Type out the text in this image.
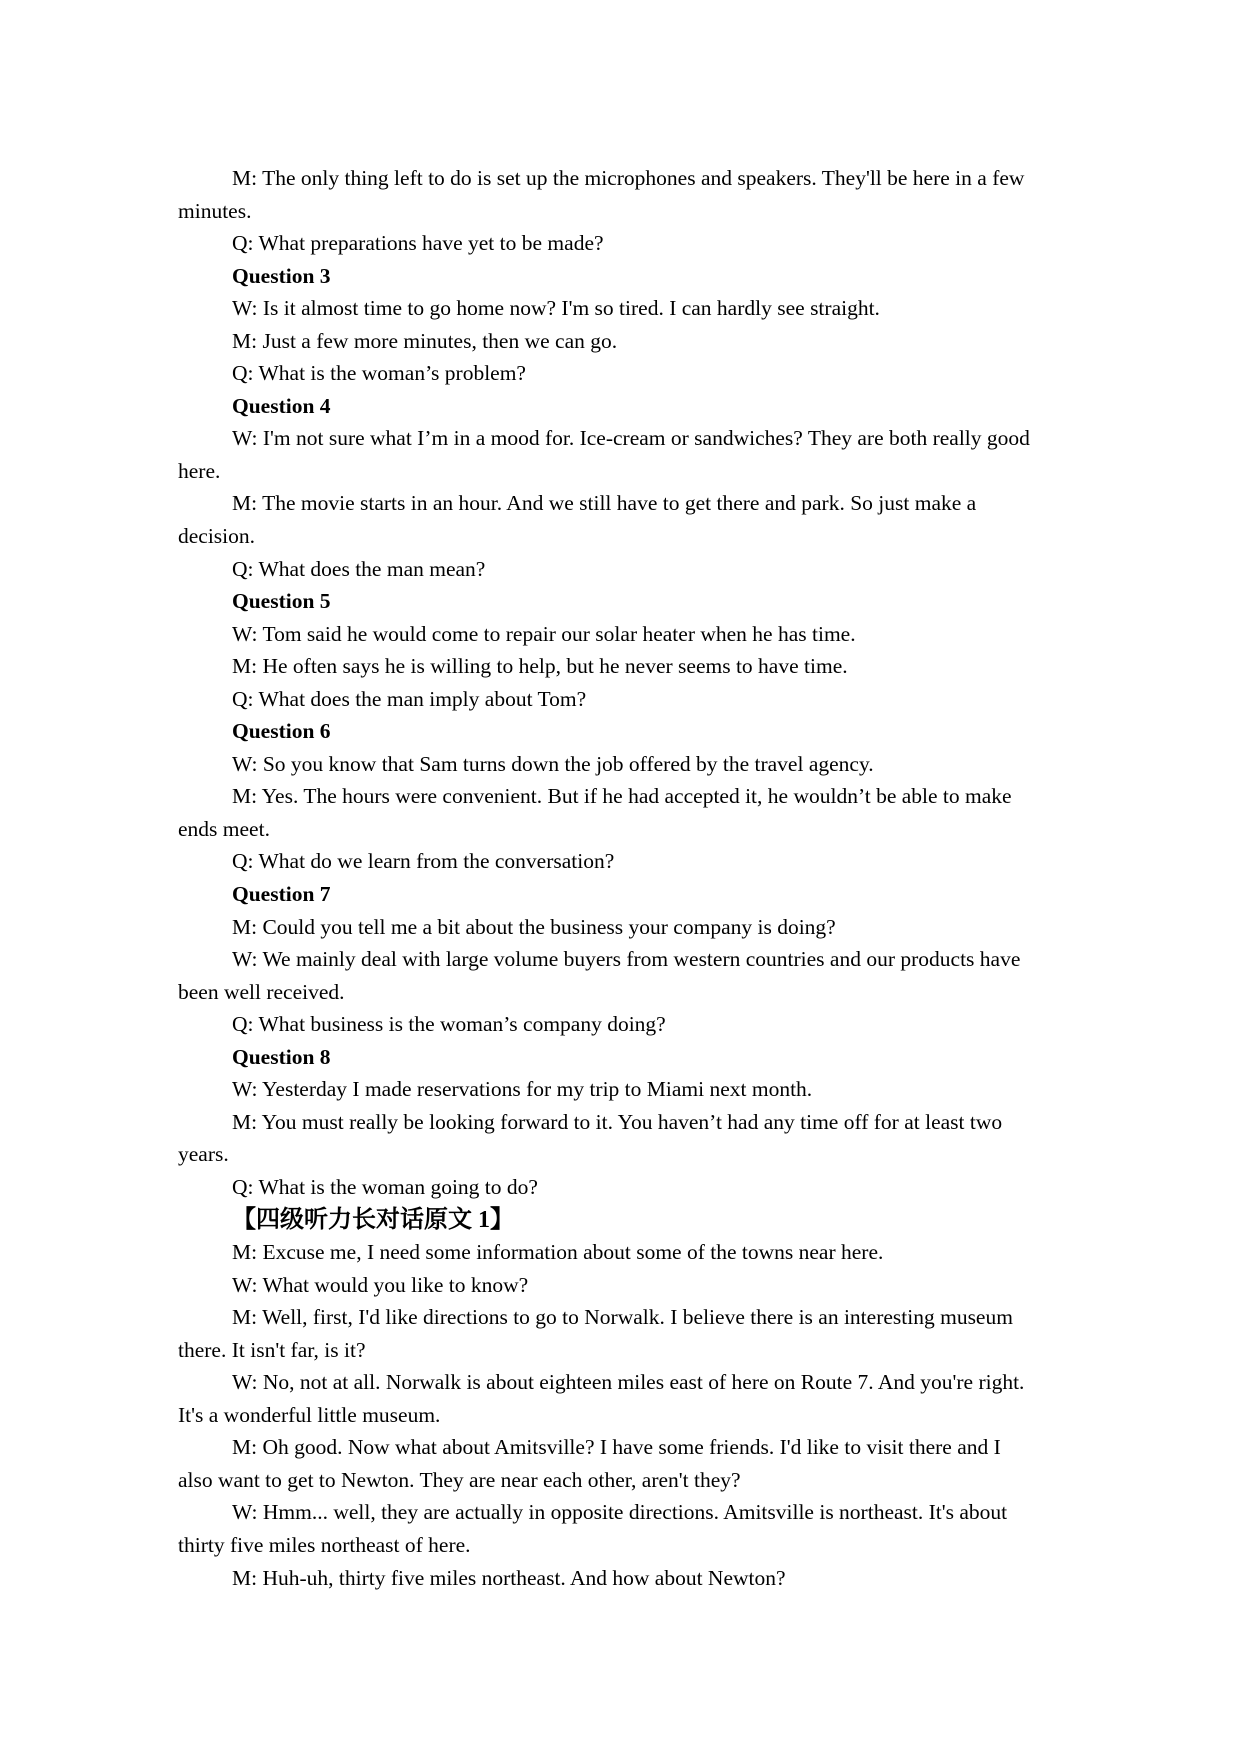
M: The only thing left to do is set up the microphones and speakers. They'll be here in a few
minutes.
Q: What preparations have yet to be made?
Question 3
W: Is it almost time to go home now? I'm so tired. I can hardly see straight.
M: Just a few more minutes, then we can go.
Q: What is the woman’s problem?
Question 4
W: I'm not sure what I’m in a mood for. Ice-cream or sandwiches? They are both really good
here.
M: The movie starts in an hour. And we still have to get there and park. So just make a
decision.
Q: What does the man mean?
Question 5
W: Tom said he would come to repair our solar heater when he has time.
M: He often says he is willing to help, but he never seems to have time.
Q: What does the man imply about Tom?
Question 6
W: So you know that Sam turns down the job offered by the travel agency.
M: Yes. The hours were convenient. But if he had accepted it, he wouldn’t be able to make
ends meet.
Q: What do we learn from the conversation?
Question 7
M: Could you tell me a bit about the business your company is doing?
W: We mainly deal with large volume buyers from western countries and our products have
been well received.
Q: What business is the woman’s company doing?
Question 8
W: Yesterday I made reservations for my trip to Miami next month.
M: You must really be looking forward to it. You haven’t had any time off for at least two
years.
Q: What is the woman going to do?
【四级听力长对话原文 1】
M: Excuse me, I need some information about some of the towns near here.
W: What would you like to know?
M: Well, first, I'd like directions to go to Norwalk. I believe there is an interesting museum
there. It isn't far, is it?
W: No, not at all. Norwalk is about eighteen miles east of here on Route 7. And you're right.
It's a wonderful little museum.
M: Oh good. Now what about Amitsville? I have some friends. I'd like to visit there and I
also want to get to Newton. They are near each other, aren't they?
W: Hmm... well, they are actually in opposite directions. Amitsville is northeast. It's about
thirty five miles northeast of here.
M: Huh-uh, thirty five miles northeast. And how about Newton?
